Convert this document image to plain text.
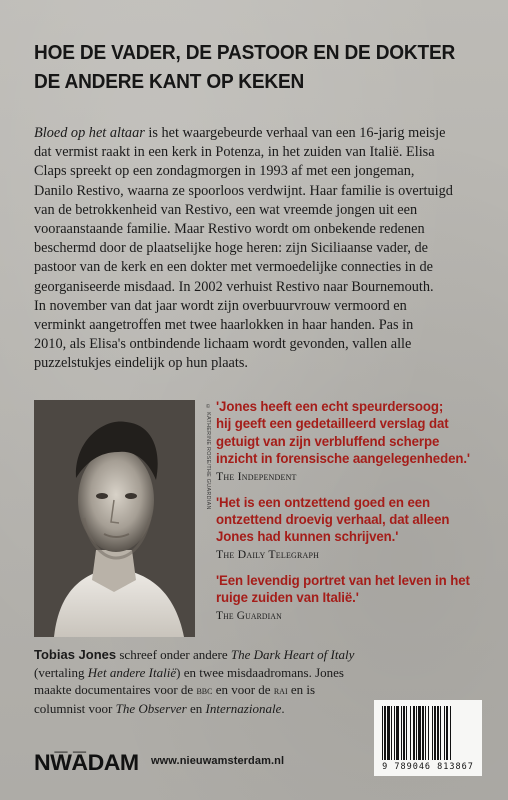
HOE DE VADER, DE PASTOOR EN DE DOKTER
DE ANDERE KANT OP KEKEN
Bloed op het altaar is het waargebeurde verhaal van een 16-jarig meisje
dat vermist raakt in een kerk in Potenza, in het zuiden van Italië. Elisa
Claps spreekt op een zondagmorgen in 1993 af met een jongeman,
Danilo Restivo, waarna ze spoorloos verdwijnt. Haar familie is overtuigd
van de betrokkenheid van Restivo, een wat vreemde jongen uit een
vooraanstaande familie. Maar Restivo wordt om onbekende redenen
beschermd door de plaatselijke hoge heren: zijn Siciliaanse vader, de
pastoor van de kerk en een dokter met vermoedelijke connecties in de
georganiseerde misdaad. In 2002 verhuist Restivo naar Bournemouth.
In november van dat jaar wordt zijn overbuurvrouw vermoord en
verminkt aangetroffen met twee haarlokken in haar handen. Pas in
2010, als Elisa's ontbindende lichaam wordt gevonden, vallen alle
puzzelstukjes eindelijk op hun plaats.
© KATHERINE ROSE/THE GUARDIAN 'Jones heeft een echt speurdersoog;
hij geeft een gedetailleerd verslag dat
getuigt van zijn verbluffend scherpe
inzicht in forensische aangelegenheden.'
The Independent
'Het is een ontzettend goed en een
ontzettend droevig verhaal, dat alleen
Jones had kunnen schrijven.'
The Daily Telegraph
'Een levendig portret van het leven in het
ruige zuiden van Italië.'
The Guardian
Tobias Jones schreef onder andere The Dark Heart of Italy
(vertaling Het andere Italië) en twee misdaadromans. Jones
maakte documentaires voor de bbc en voor de rai en is
columnist voor The Observer en Internazionale.
NW̅A̅DAM www.nieuwamsterdam.nl	9 789046 813867
